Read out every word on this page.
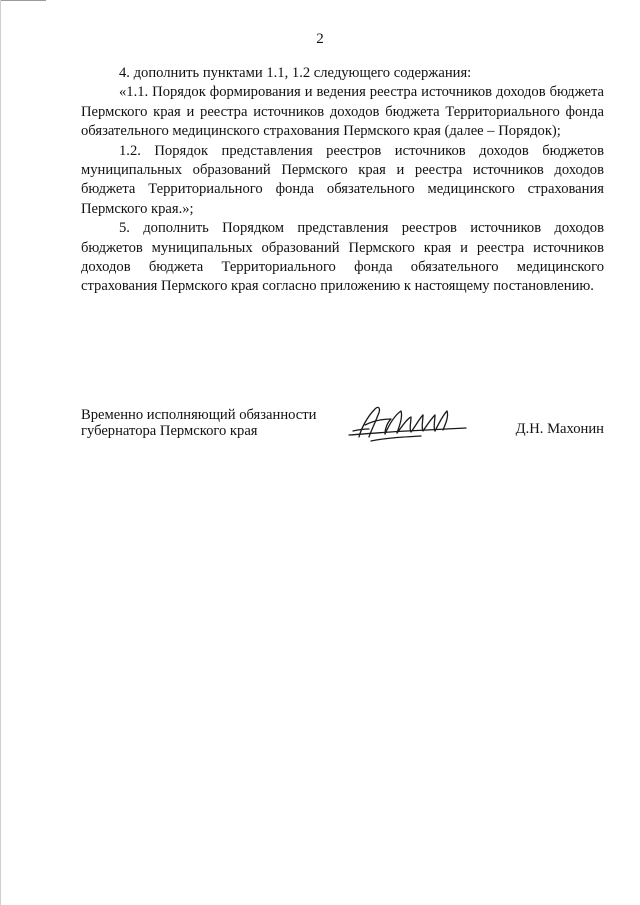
2

4. дополнить пунктами 1.1, 1.2 следующего содержания:

«1.1. Порядок формирования и ведения реестра источников доходов бюджета Пермского края и реестра источников доходов бюджета Территориального фонда обязательного медицинского страхования Пермского края (далее – Порядок);

1.2. Порядок представления реестров источников доходов бюджетов муниципальных образований Пермского края и реестра источников доходов бюджета Территориального фонда обязательного медицинского страхования Пермского края.»;

5. дополнить Порядком представления реестров источников доходов бюджетов муниципальных образований Пермского края и реестра источников доходов бюджета Территориального фонда обязательного медицинского страхования Пермского края согласно приложению к настоящему постановлению.

Временно исполняющий обязанности
губернатора Пермского края	Д.Н. Махонин
